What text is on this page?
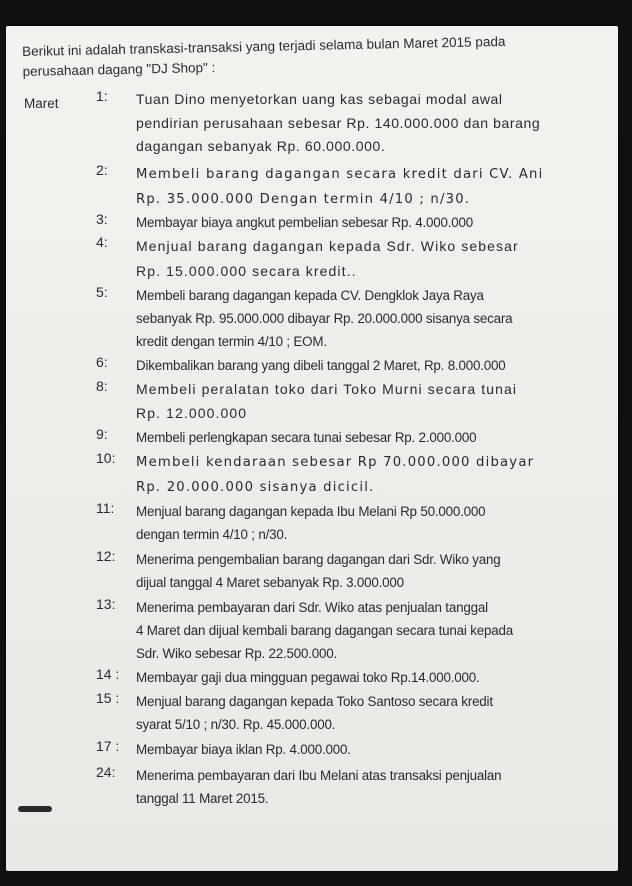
Berikut ini adalah transkasi-transaksi yang terjadi selama bulan Maret 2015 pada
perusahaan dagang "DJ Shop" :
Maret	1: Tuan Dino menyetorkan uang kas sebagai modal awal
pendirian perusahaan sebesar Rp. 140.000.000 dan barang
dagangan sebanyak Rp. 60.000.000.
2: Membeli barang dagangan secara kredit dari CV. Ani
Rp. 35.000.000 Dengan termin 4/10 ; n/30.
3: Membayar biaya angkut pembelian sebesar Rp. 4.000.000
4: Menjual barang dagangan kepada Sdr. Wiko sebesar
Rp. 15.000.000 secara kredit..
5: Membeli barang dagangan kepada CV. Dengklok Jaya Raya
sebanyak Rp. 95.000.000 dibayar Rp. 20.000.000 sisanya secara
kredit dengan termin 4/10 ; EOM.
6: Dikembalikan barang yang dibeli tanggal 2 Maret, Rp. 8.000.000
8: Membeli peralatan toko dari Toko Murni secara tunai
Rp. 12.000.000
9: Membeli perlengkapan secara tunai sebesar Rp. 2.000.000
10: Membeli kendaraan sebesar Rp 70.000.000 dibayar
Rp. 20.000.000 sisanya dicicil.
11: Menjual barang dagangan kepada Ibu Melani Rp 50.000.000
dengan termin 4/10 ; n/30.
12: Menerima pengembalian barang dagangan dari Sdr. Wiko yang
dijual tanggal 4 Maret sebanyak Rp. 3.000.000
13: Menerima pembayaran dari Sdr. Wiko atas penjualan tanggal
4 Maret dan dijual kembali barang dagangan secara tunai kepada
Sdr. Wiko sebesar Rp. 22.500.000.
14 : Membayar gaji dua mingguan pegawai toko Rp.14.000.000.
15 : Menjual barang dagangan kepada Toko Santoso secara kredit
syarat 5/10 ; n/30. Rp. 45.000.000.
17 : Membayar biaya iklan Rp. 4.000.000.
24: Menerima pembayaran dari Ibu Melani atas transaksi penjualan
tanggal 11 Maret 2015.
